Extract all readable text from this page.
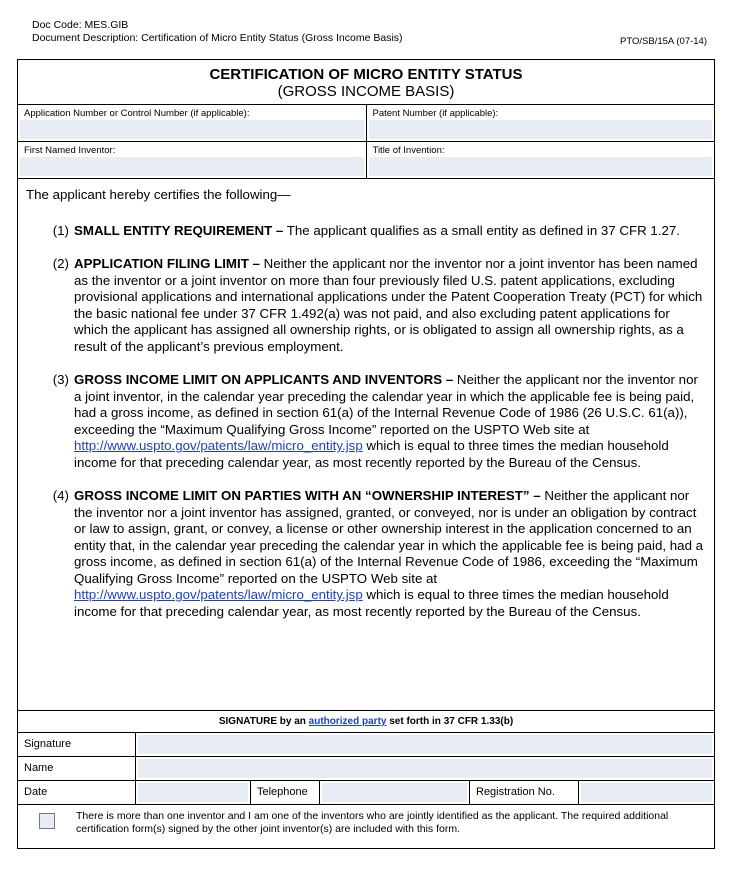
Doc Code: MES.GIB
Document Description: Certification of Micro Entity Status (Gross Income Basis)	PTO/SB/15A (07-14)
CERTIFICATION OF MICRO ENTITY STATUS
(GROSS INCOME BASIS)
Application Number or Control Number (if applicable):	Patent Number (if applicable):
First Named Inventor:	Title of Invention:

The applicant hereby certifies the following—

(1) SMALL ENTITY REQUIREMENT – The applicant qualifies as a small entity as defined in 37 CFR 1.27.
(2) APPLICATION FILING LIMIT – Neither the applicant nor the inventor nor a joint inventor has been named as the inventor or a joint inventor on more than four previously filed U.S. patent applications, excluding provisional applications and international applications under the Patent Cooperation Treaty (PCT) for which the basic national fee under 37 CFR 1.492(a) was not paid, and also excluding patent applications for which the applicant has assigned all ownership rights, or is obligated to assign all ownership rights, as a result of the applicant’s previous employment.
(3) GROSS INCOME LIMIT ON APPLICANTS AND INVENTORS – Neither the applicant nor the inventor nor a joint inventor, in the calendar year preceding the calendar year in which the applicable fee is being paid, had a gross income, as defined in section 61(a) of the Internal Revenue Code of 1986 (26 U.S.C. 61(a)), exceeding the “Maximum Qualifying Gross Income” reported on the USPTO Web site at http://www.uspto.gov/patents/law/micro_entity.jsp which is equal to three times the median household income for that preceding calendar year, as most recently reported by the Bureau of the Census.
(4) GROSS INCOME LIMIT ON PARTIES WITH AN “OWNERSHIP INTEREST” – Neither the applicant nor the inventor nor a joint inventor has assigned, granted, or conveyed, nor is under an obligation by contract or law to assign, grant, or convey, a license or other ownership interest in the application concerned to an entity that, in the calendar year preceding the calendar year in which the applicable fee is being paid, had a gross income, as defined in section 61(a) of the Internal Revenue Code of 1986, exceeding the “Maximum Qualifying Gross Income” reported on the USPTO Web site at http://www.uspto.gov/patents/law/micro_entity.jsp which is equal to three times the median household income for that preceding calendar year, as most recently reported by the Bureau of the Census.
SIGNATURE by an authorized party set forth in 37 CFR 1.33(b)
Signature
Name
Date	Telephone	Registration No.
There is more than one inventor and I am one of the inventors who are jointly identified as the applicant. The required additional certification form(s) signed by the other joint inventor(s) are included with this form.
